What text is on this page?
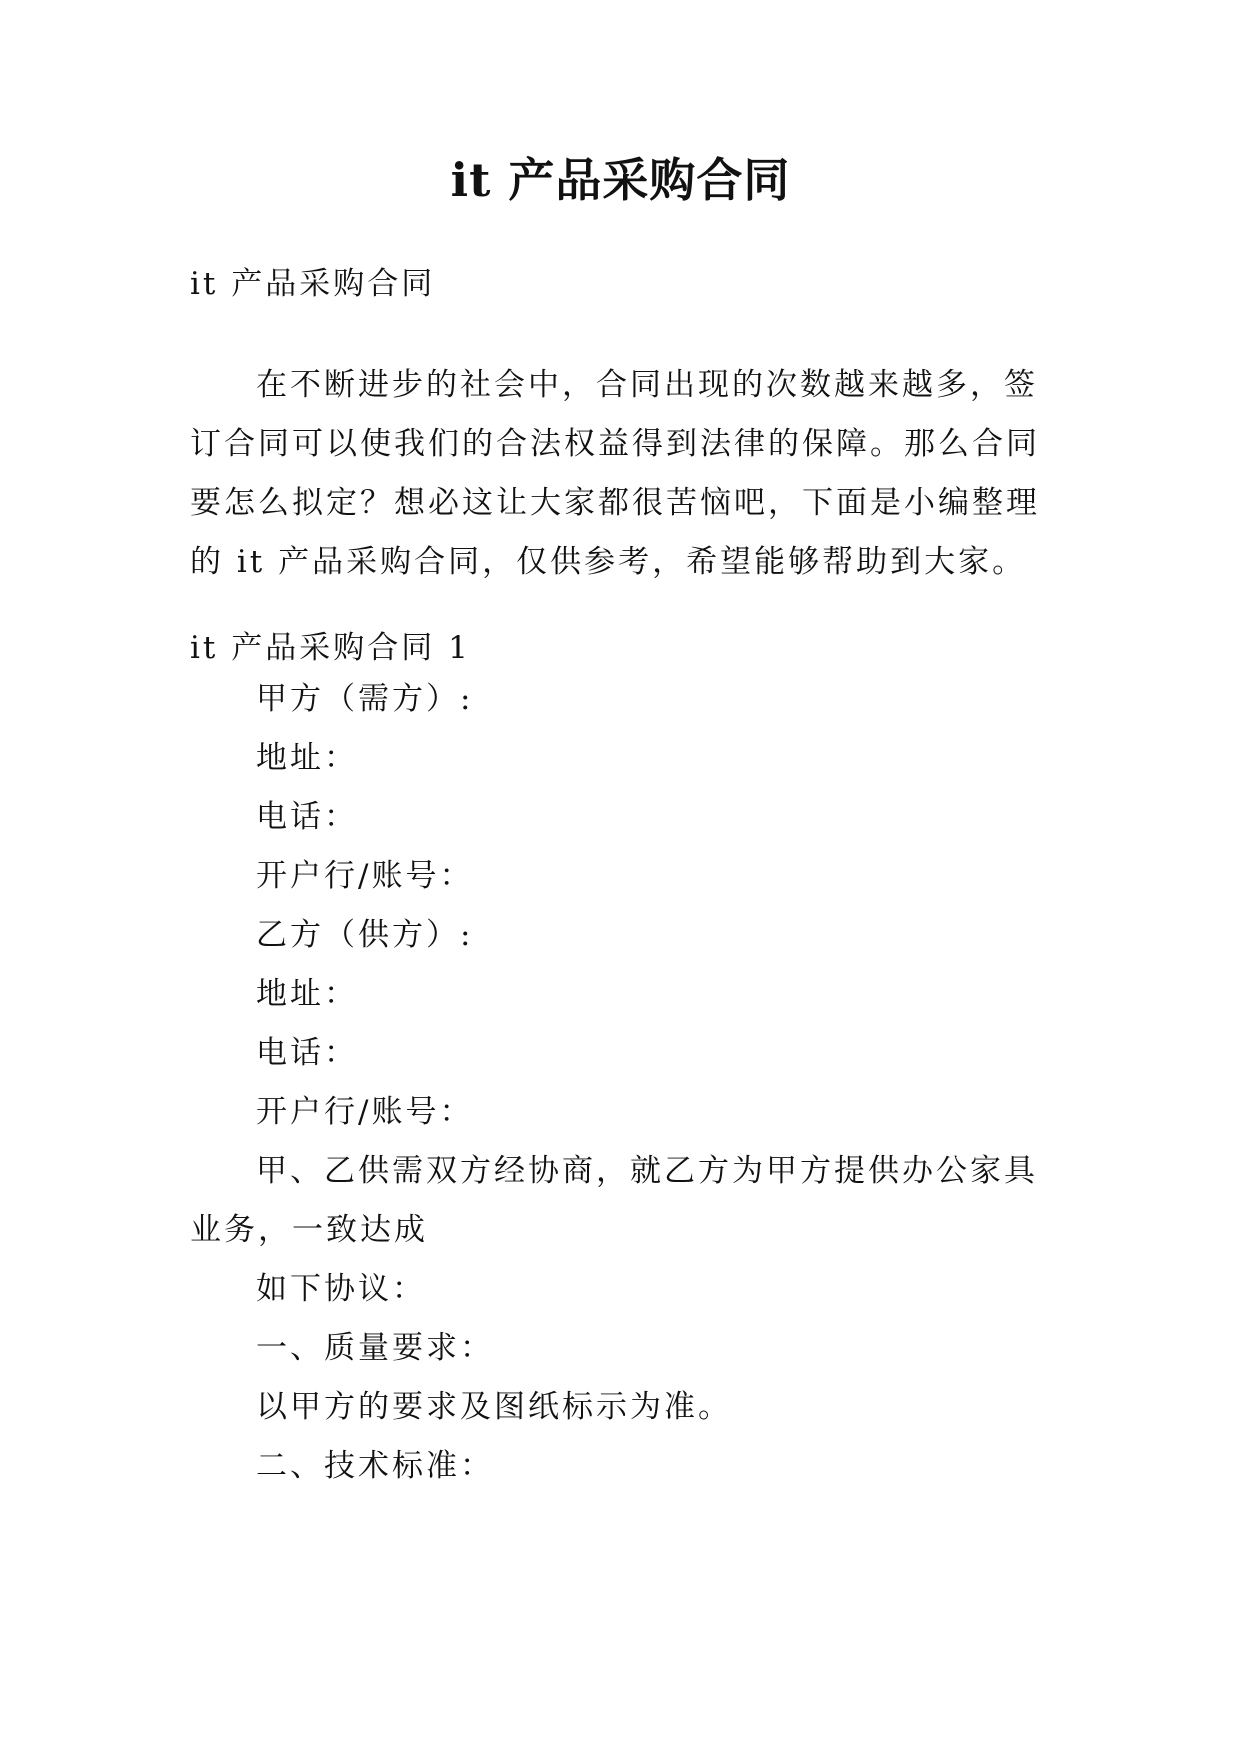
it 产品采购合同
it 产品采购合同

在不断进步的社会中，合同出现的次数越来越多，签订合同可以使我们的合法权益得到法律的保障。那么合同要怎么拟定？想必这让大家都很苦恼吧，下面是小编整理的 it 产品采购合同，仅供参考，希望能够帮助到大家。

it 产品采购合同 1

甲方（需方）:

地址：

电话：

开户行/账号：

乙方（供方）:

地址：

电话：

开户行/账号：

甲、乙供需双方经协商，就乙方为甲方提供办公家具业务，一致达成

如下协议：

一、质量要求：

以甲方的要求及图纸标示为准。

二、技术标准：
